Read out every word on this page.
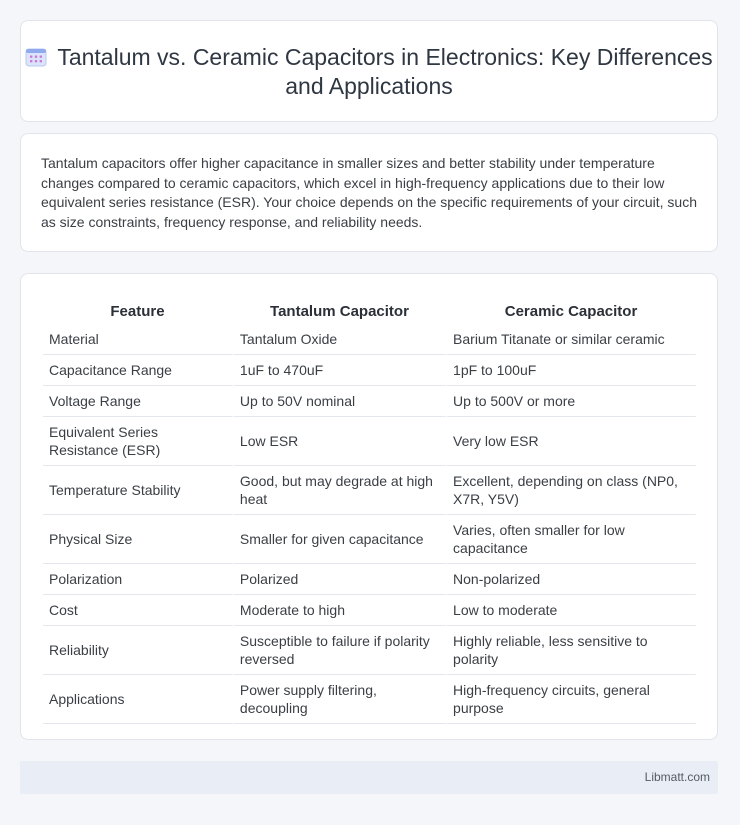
Tantalum vs. Ceramic Capacitors in Electronics: Key Differences and Applications
Tantalum capacitors offer higher capacitance in smaller sizes and better stability under temperature changes compared to ceramic capacitors, which excel in high-frequency applications due to their low equivalent series resistance (ESR). Your choice depends on the specific requirements of your circuit, such as size constraints, frequency response, and reliability needs.
Feature	Tantalum Capacitor	Ceramic Capacitor
Material	Tantalum Oxide	Barium Titanate or similar ceramic
Capacitance Range	1uF to 470uF	1pF to 100uF
Voltage Range	Up to 50V nominal	Up to 500V or more
Equivalent Series Resistance (ESR)	Low ESR	Very low ESR
Temperature Stability	Good, but may degrade at high heat	Excellent, depending on class (NP0, X7R, Y5V)
Physical Size	Smaller for given capacitance	Varies, often smaller for low capacitance
Polarization	Polarized	Non-polarized
Cost	Moderate to high	Low to moderate
Reliability	Susceptible to failure if polarity reversed	Highly reliable, less sensitive to polarity
Applications	Power supply filtering, decoupling	High-frequency circuits, general purpose
Libmatt.com
